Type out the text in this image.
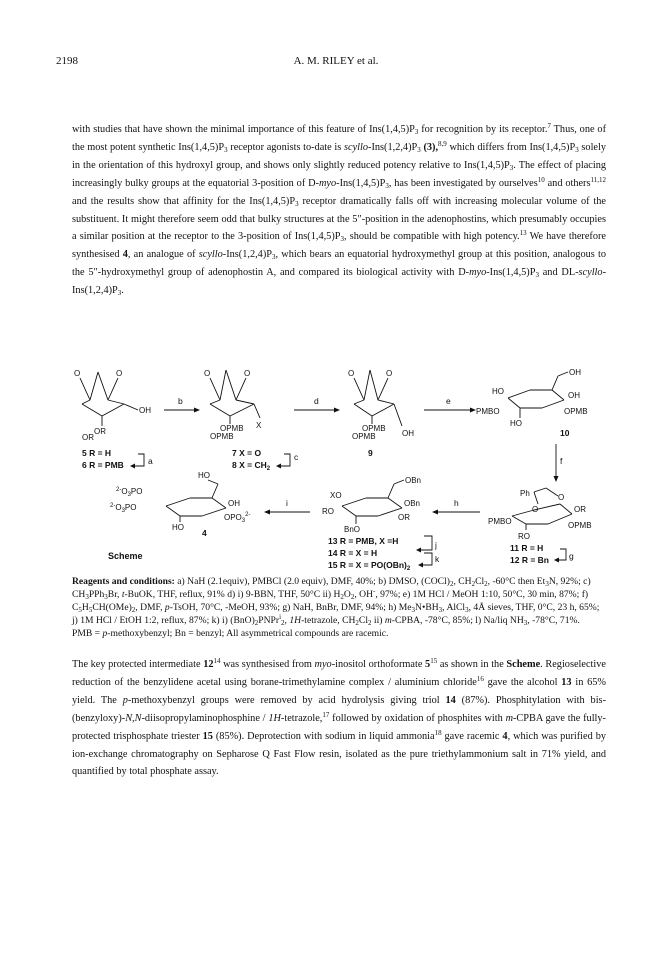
2198	A. M. RILEY et al.
with studies that have shown the minimal importance of this feature of $Ins(1,4,5)P_3$ for recognition by its receptor.$^7$ Thus, one of the most potent synthetic $Ins(1,4,5)P_3$ receptor agonists to-date is scyllo-$Ins(1,2,4)P_3$ (3),$^{8,9}$ which differs from $Ins(1,4,5)P_3$ solely in the orientation of this hydroxyl group, and shows only slightly reduced potency relative to $Ins(1,4,5)P_3$. The effect of placing increasingly bulky groups at the equatorial 3-position of $D-myo-Ins(1,4,5)P_3$, has been investigated by ourselves$^{10}$ and others$^{11,12}$ and the results show that affinity for the $Ins(1,4,5)P_3$ receptor dramatically falls off with increasing molecular volume of the substituent. It might therefore seem odd that bulky structures at the 5″-position in the adenophostins, which presumably occupies a similar position at the receptor to the 3-position of $Ins(1,4,5)P_3$, should be compatible with high potency.$^{13}$ We have therefore synthesised 4, an analogue of scyllo-$Ins(1,2,4)P_3$, which bears an equatorial hydroxymethyl group at this position, analogous to the 5″-hydroxymethyl group of adenophostin A, and compared its biological activity with $D-myo-Ins(1,4,5)P_3$ and $DL-scyllo-Ins(1,2,4)P_3$.
O	O
OH
OR
OR
5 R = H
6 R = PMB	a
b
O	O
X
OPMB
OPMB
7 X = O
8 $X = CH_2$
c
d
O	O
OH
OPMB
OPMB
9
e
OH
HO
PMBO
OH
OPMB
HO
10
f
Ph	O
O
PMBO
OR
OPMB
RO
11 R = H
12 R = Bn g
h
OBn
XO
RO
OBn
OR
BnO
13 R = PMB, X =H
14 R = X = H
15 $R = X = PO(OBn)_2$
j
k
i
HO
$^{2-}O_3PO$
$^{2-}O_3PO$	OH
$OPO_3^{2-}$
HO
4
Scheme
Reagents and conditions: a) NaH (2.1equiv), PMBCl (2.0 equiv), DMF, 40%; b) DMSO, $(COCl)_2$, $CH_2Cl_2$, -60°C then $Et_3N$, 92%; c) $CH_3PPh_3Br$, t-BuOK, THF, reflux, 91% d) i) 9-BBN, THF, 50°C ii) $H_2O_2$, OH-, 97%; e) 1M HCl / MeOH 1:10, 50°C, 30 min, 87%; f) $C_5H_5CH(OMe)_2$, DMF, p-TsOH, 70°C, -MeOH, 93%; g) NaH, BnBr, DMF, 94%; h) $Me_3N•BH_3$, AlCl$_3$, 4Å sieves, THF, 0°C, 23 h, 65%; j) 1M HCl / EtOH 1:2, reflux, 87%; k) i) $(BnO)_2PNPr^i_2$, 1H-tetrazole, $CH_2Cl_2$ ii) m-CPBA, -78°C, 85%; l) Na/liq $NH_3$, -78°C, 71%.
PMB = p-methoxybenzyl; Bn = benzyl; All asymmetrical compounds are racemic.
The key protected intermediate $12^{14}$ was synthesised from myo-inositol orthoformate $5^{15}$ as shown in the Scheme. Regioselective reduction of the benzylidene acetal using borane-trimethylamine complex / aluminium chloride$^{16}$ gave the alcohol 13 in 65% yield. The p-methoxybenzyl groups were removed by acid hydrolysis giving triol 14 (87%). Phosphitylation with bis-(benzyloxy)-N,N-diisopropylaminophosphine / 1H-tetrazole,$^{17}$ followed by oxidation of phosphites with m-CPBA gave the fully-protected trisphosphate triester 15 (85%). Deprotection with sodium in liquid ammonia$^{18}$ gave racemic 4, which was purified by ion-exchange chromatography on Sepharose Q Fast Flow resin, isolated as the pure triethylammonium salt in 71% yield, and quantified by total phosphate assay.
